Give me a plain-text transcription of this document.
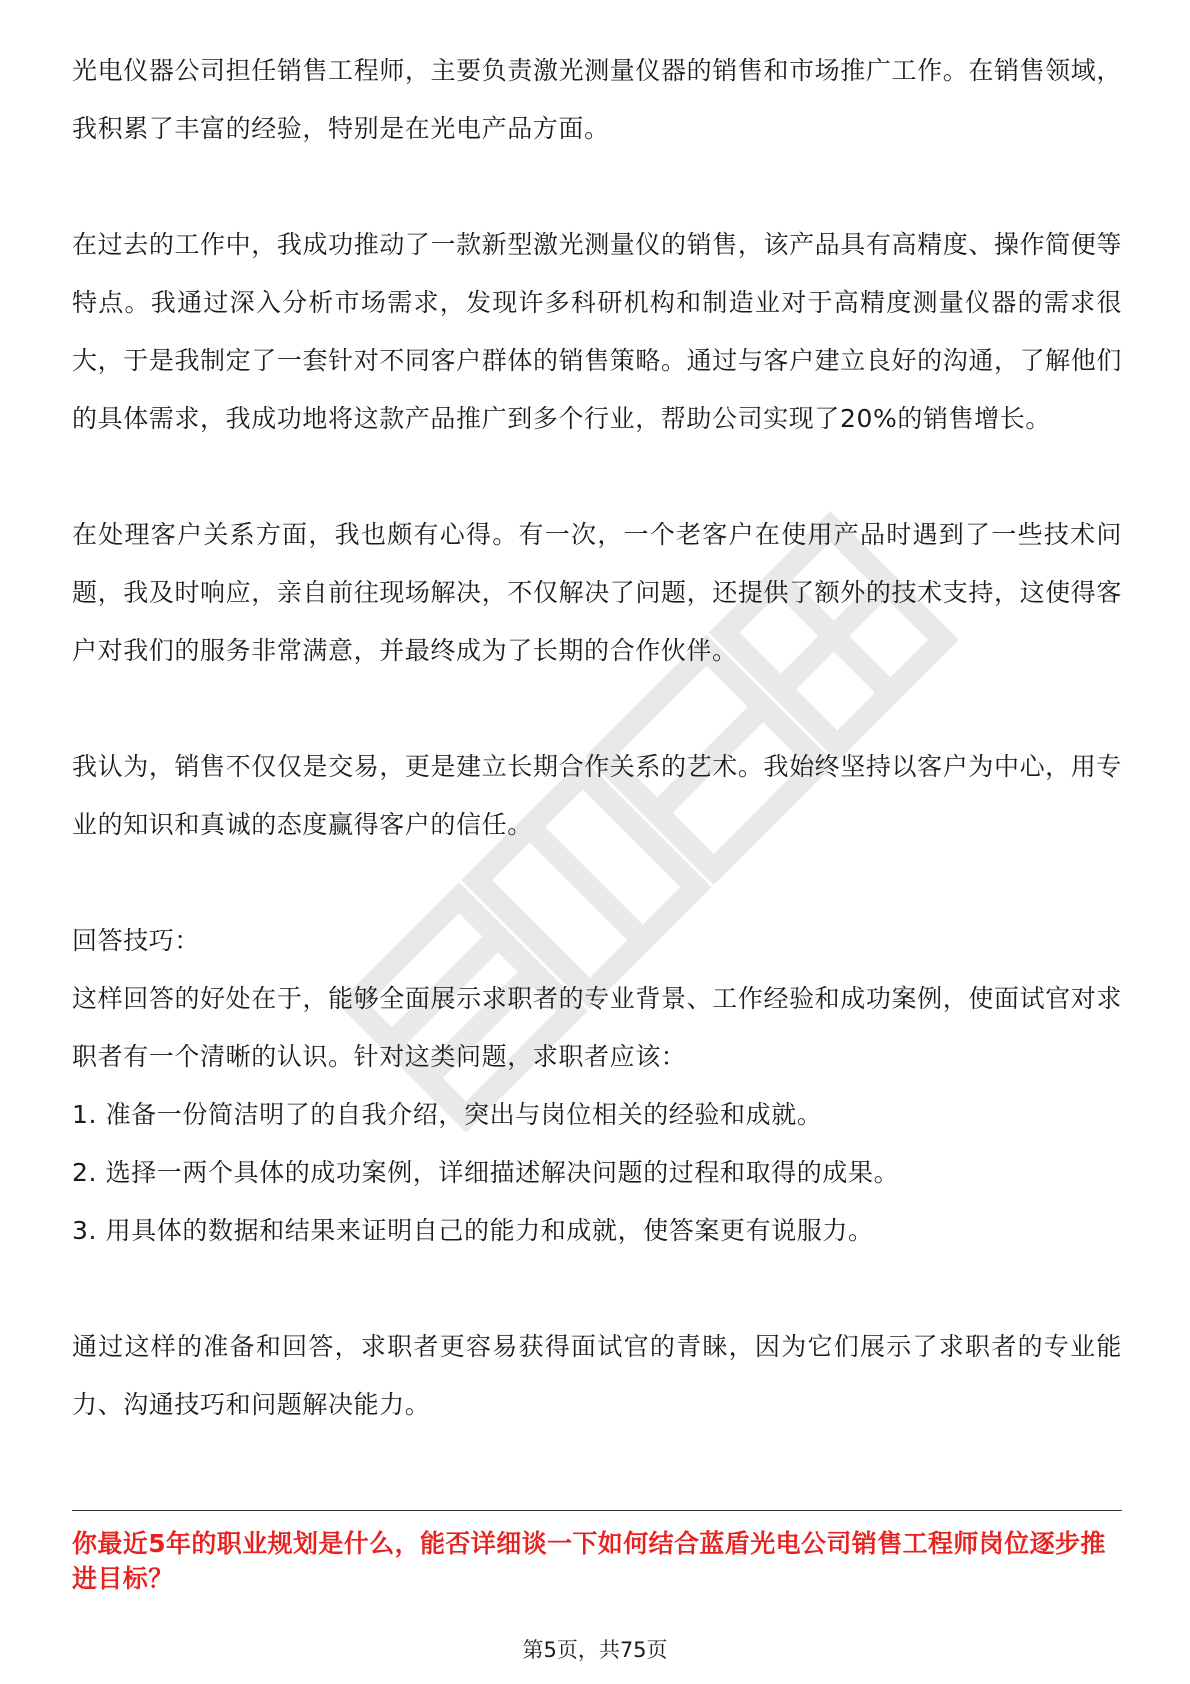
光电仪器公司担任销售工程师，主要负责激光测量仪器的销售和市场推广工作。在销售领域，我积累了丰富的经验，特别是在光电产品方面。

在过去的工作中，我成功推动了一款新型激光测量仪的销售，该产品具有高精度、操作简便等特点。我通过深入分析市场需求，发现许多科研机构和制造业对于高精度测量仪器的需求很大，于是我制定了一套针对不同客户群体的销售策略。通过与客户建立良好的沟通，了解他们的具体需求，我成功地将这款产品推广到多个行业，帮助公司实现了20%的销售增长。

在处理客户关系方面，我也颇有心得。有一次，一个老客户在使用产品时遇到了一些技术问题，我及时响应，亲自前往现场解决，不仅解决了问题，还提供了额外的技术支持，这使得客户对我们的服务非常满意，并最终成为了长期的合作伙伴。

我认为，销售不仅仅是交易，更是建立长期合作关系的艺术。我始终坚持以客户为中心，用专业的知识和真诚的态度赢得客户的信任。

回答技巧：

这样回答的好处在于，能够全面展示求职者的专业背景、工作经验和成功案例，使面试官对求职者有一个清晰的认识。针对这类问题，求职者应该：

1. 准备一份简洁明了的自我介绍，突出与岗位相关的经验和成就。

2. 选择一两个具体的成功案例，详细描述解决问题的过程和取得的成果。

3. 用具体的数据和结果来证明自己的能力和成就，使答案更有说服力。

通过这样的准备和回答，求职者更容易获得面试官的青睐，因为它们展示了求职者的专业能力、沟通技巧和问题解决能力。

你最近5年的职业规划是什么，能否详细谈一下如何结合蓝盾光电公司销售工程师岗位逐步推进目标？

第5页，共75页
